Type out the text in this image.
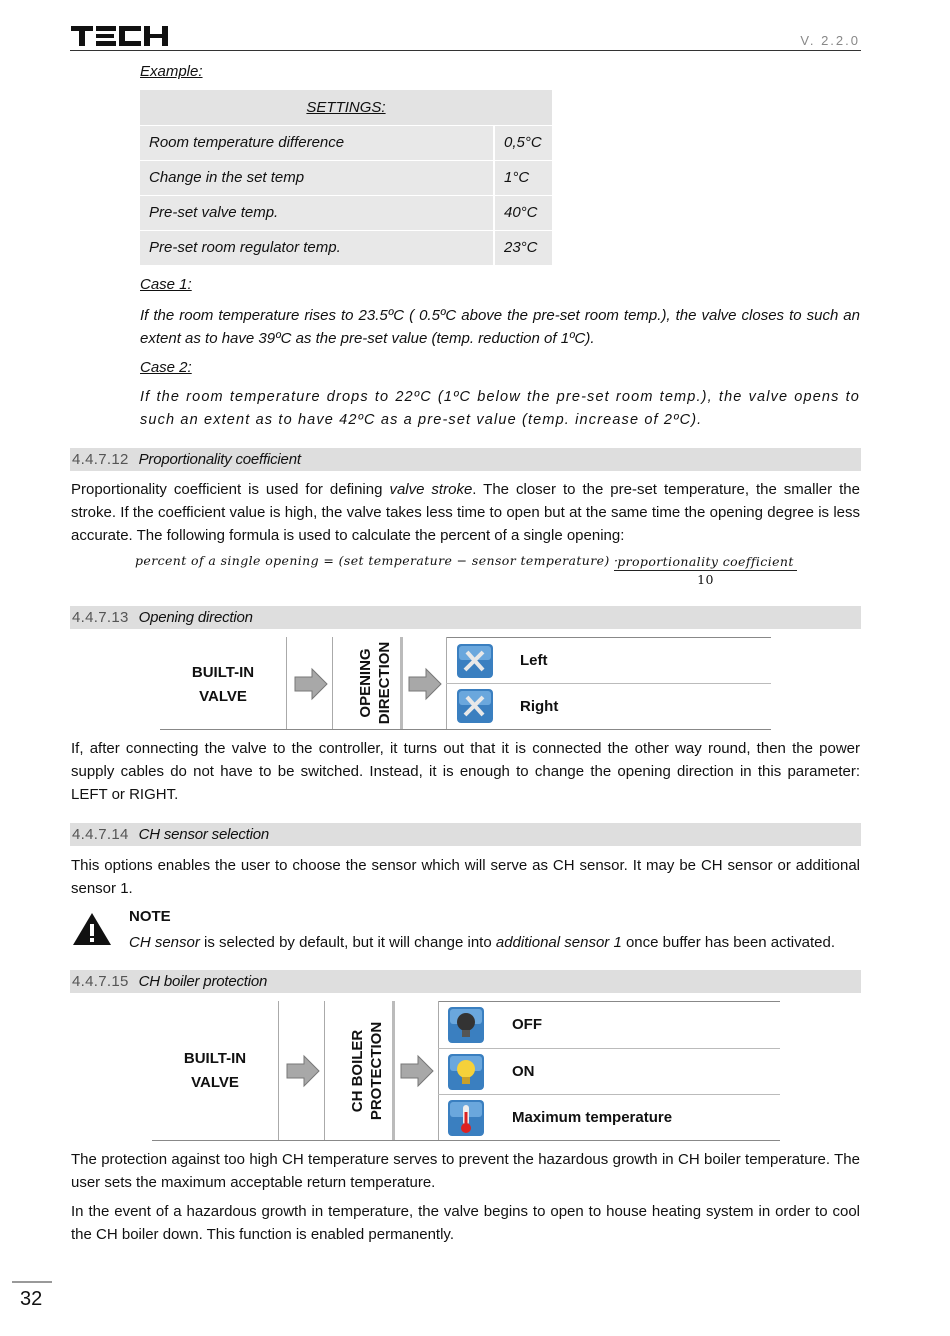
V. 2.2.0
Example:
SETTINGS:	
Room temperature difference	0,5°C
Change in the set temp	1°C
Pre-set valve temp.	40°C
Pre-set room regulator temp.	23°C
Case 1:
If the room temperature rises to 23.5ºC ( 0.5ºC above the pre-set room temp.), the valve closes to such an extent as to have 39ºC as the pre-set value (temp. reduction of 1ºC).
Case 2:
If the room temperature drops to 22ºC (1ºC below the pre-set room temp.), the valve opens to such an extent as to have 42ºC as a pre-set value (temp. increase of 2ºC).
4.4.7.12 Proportionality coefficient
Proportionality coefficient is used for defining valve stroke. The closer to the pre-set temperature, the smaller the stroke. If the coefficient value is high, the valve takes less time to open but at the same time the opening degree is less accurate. The following formula is used to calculate the percent of a single opening:
percent of a single opening = (set temperature − sensor temperature) ·
proportionality coefficient
10
4.4.7.13 Opening direction
BUILT-IN
VALVE	OPENING DIRECTION	Left
Right
If, after connecting the valve to the controller, it turns out that it is connected the other way round, then the power supply cables do not have to be switched. Instead, it is enough to change the opening direction in this parameter: LEFT or RIGHT.
4.4.7.14 CH sensor selection
This options enables the user to choose the sensor which will serve as CH sensor. It may be CH sensor or additional sensor 1.
NOTE
CH sensor is selected by default, but it will change into additional sensor 1 once buffer has been activated.
4.4.7.15 CH boiler protection
BUILT-IN
VALVE	CH BOILER PROTECTION	OFF
ON
Maximum temperature
The protection against too high CH temperature serves to prevent the hazardous growth in CH boiler temperature. The user sets the maximum acceptable return temperature.
In the event of a hazardous growth in temperature, the valve begins to open to house heating system in order to cool the CH boiler down. This function is enabled permanently.
32
